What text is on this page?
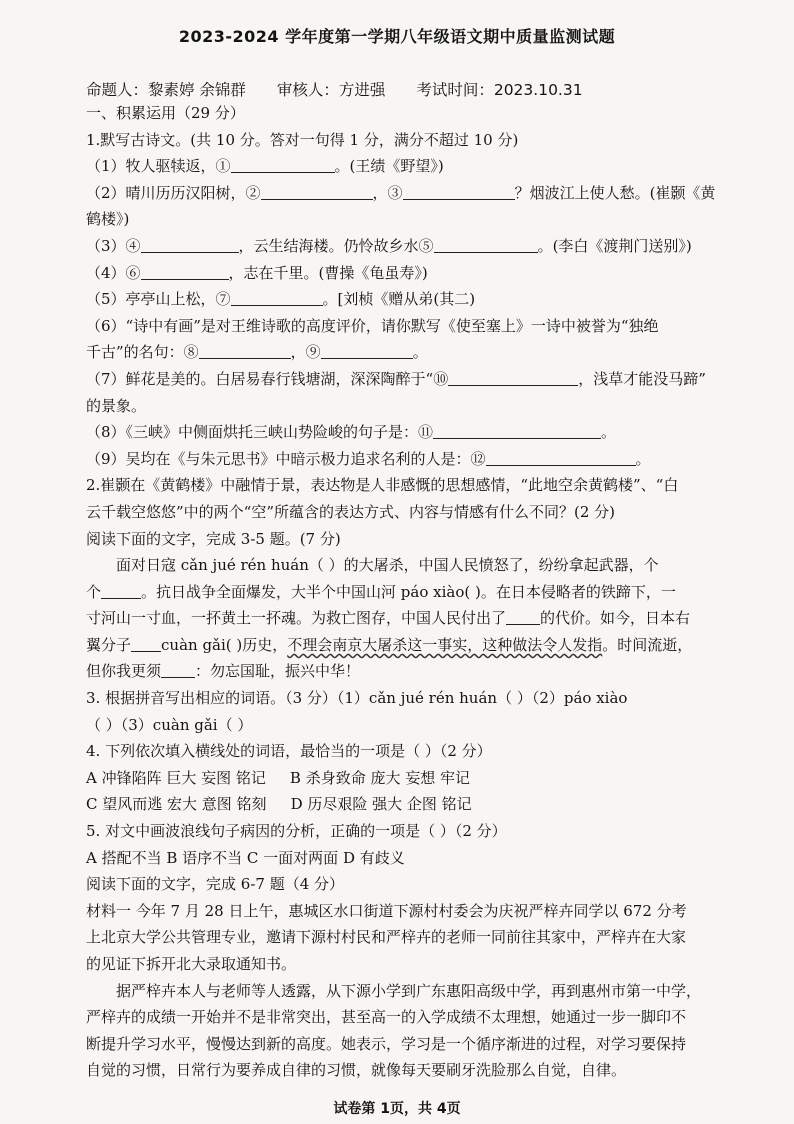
2023-2024 学年度第一学期八年级语文期中质量监测试题
命题人：黎素婷 余锦群 审核人：方进强 考试时间：2023.10.31
一、积累运用（29 分）
1.默写古诗文。(共 10 分。答对一句得 1 分，满分不超过 10 分)
（1）牧人驱犊返，①	。(王绩《野望》)
（2）晴川历历汉阳树，②	，③	？烟波江上使人愁。(崔颢《黄
鹤楼》)
（3）④	，云生结海楼。仍怜故乡水⑤	。(李白《渡荆门送别》)
（4）⑥	，志在千里。(曹操《龟虽寿》)
（5）亭亭山上松，⑦	。[刘桢《赠从弟(其二)
（6）“诗中有画”是对王维诗歌的高度评价，请你默写《使至塞上》一诗中被誉为“独绝
千古”的名句：⑧	，⑨	。
（7）鲜花是美的。白居易春行钱塘湖，深深陶醉于“⑩	，浅草才能没马蹄”
的景象。
（8）《三峡》中侧面烘托三峡山势险峻的句子是：⑪	。
（9）吴均在《与朱元思书》中暗示极力追求名利的人是：⑫	。
2.崔颢在《黄鹤楼》中融情于景，表达物是人非感慨的思想感情，“此地空余黄鹤楼”、“白
云千载空悠悠”中的两个“空”所蕴含的表达方式、内容与情感有什么不同？(2 分)
阅读下面的文字，完成 3-5 题。(7 分)
面对日寇 cǎn jué rén huán（ ）的大屠杀，中国人民愤怒了，纷纷拿起武器，个
个	。抗日战争全面爆发，大半个中国山河 páo xiào( )。在日本侵略者的铁蹄下，一
寸河山一寸血，一抔黄土一抔魂。为救亡图存，中国人民付出了 的代价。如今，日本右
翼分子 cuàn gǎi( )历史，不理会南京大屠杀这一事实，这种做法令人发指。时间流逝，
但你我更须 ：勿忘国耻，振兴中华！
3. 根据拼音写出相应的词语。（3 分）（1）cǎn jué rén huán（ ）（2）páo xiào
（ ）（3）cuàn gǎi（ ）
4. 下列依次填入横线处的词语，最恰当的一项是（ ）（2 分）
A 冲锋陷阵 巨大 妄图 铭记 B 杀身致命 庞大 妄想 牢记
C 望风而逃 宏大 意图 铭刻 D 历尽艰险 强大 企图 铭记
5. 对文中画波浪线句子病因的分析，正确的一项是（ ）（2 分）
A 搭配不当 B 语序不当 C 一面对两面 D 有歧义
阅读下面的文字，完成 6-7 题（4 分）
材料一 今年 7 月 28 日上午，惠城区水口街道下源村村委会为庆祝严梓卉同学以 672 分考
上北京大学公共管理专业，邀请下源村村民和严梓卉的老师一同前往其家中，严梓卉在大家
的见证下拆开北大录取通知书。
据严梓卉本人与老师等人透露，从下源小学到广东惠阳高级中学，再到惠州市第一中学，
严梓卉的成绩一开始并不是非常突出，甚至高一的入学成绩不太理想，她通过一步一脚印不
断提升学习水平，慢慢达到新的高度。她表示，学习是一个循序渐进的过程，对学习要保持
自觉的习惯，日常行为要养成自律的习惯，就像每天要刷牙洗脸那么自觉，自律。
试卷第 1页，共 4页
